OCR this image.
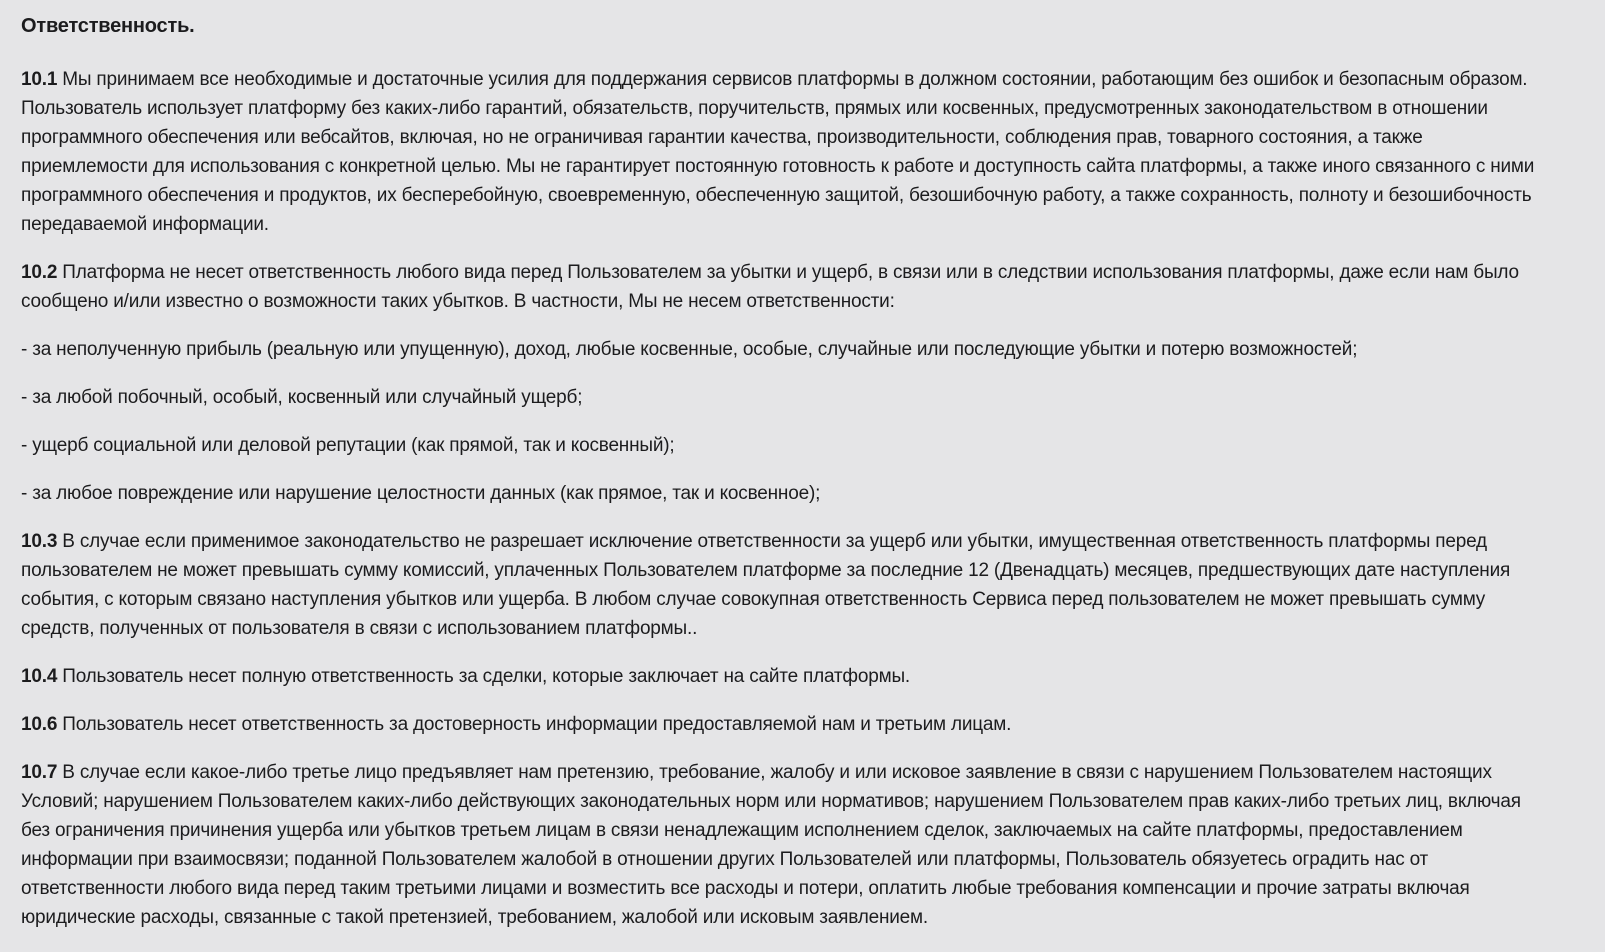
Ответственность.

10.1 Мы принимаем все необходимые и достаточные усилия для поддержания сервисов платформы в должном состоянии, работающим без ошибок и безопасным образом. Пользователь использует платформу без каких-либо гарантий, обязательств, поручительств, прямых или косвенных, предусмотренных законодательством в отношении программного обеспечения или вебсайтов, включая, но не ограничивая гарантии качества, производительности, соблюдения прав, товарного состояния, а также приемлемости для использования с конкретной целью. Мы не гарантирует постоянную готовность к работе и доступность сайта платформы, а также иного связанного с ними программного обеспечения и продуктов, их бесперебойную, своевременную, обеспеченную защитой, безошибочную работу, а также сохранность, полноту и безошибочность передаваемой информации.

10.2 Платформа не несет ответственность любого вида перед Пользователем за убытки и ущерб, в связи или в следствии использования платформы, даже если нам было сообщено и/или известно о возможности таких убытков. В частности, Мы не несем ответственности:

- за неполученную прибыль (реальную или упущенную), доход, любые косвенные, особые, случайные или последующие убытки и потерю возможностей;

- за любой побочный, особый, косвенный или случайный ущерб;

- ущерб социальной или деловой репутации (как прямой, так и косвенный);

- за любое повреждение или нарушение целостности данных (как прямое, так и косвенное);

10.3 В случае если применимое законодательство не разрешает исключение ответственности за ущерб или убытки, имущественная ответственность платформы перед пользователем не может превышать сумму комиссий, уплаченных Пользователем платформе за последние 12 (Двенадцать) месяцев, предшествующих дате наступления события, с которым связано наступления убытков или ущерба. В любом случае совокупная ответственность Сервиса перед пользователем не может превышать сумму средств, полученных от пользователя в связи с использованием платформы..

10.4 Пользователь несет полную ответственность за сделки, которые заключает на сайте платформы.

10.6 Пользователь несет ответственность за достоверность информации предоставляемой нам и третьим лицам.

10.7 В случае если какое-либо третье лицо предъявляет нам претензию, требование, жалобу и или исковое заявление в связи с нарушением Пользователем настоящих Условий; нарушением Пользователем каких-либо действующих законодательных норм или нормативов; нарушением Пользователем прав каких-либо третьих лиц, включая без ограничения причинения ущерба или убытков третьем лицам в связи ненадлежащим исполнением сделок, заключаемых на сайте платформы, предоставлением информации при взаимосвязи; поданной Пользователем жалобой в отношении других Пользователей или платформы, Пользователь обязуетесь оградить нас от ответственности любого вида перед таким третьими лицами и возместить все расходы и потери, оплатить любые требования компенсации и прочие затраты включая юридические расходы, связанные с такой претензией, требованием, жалобой или исковым заявлением.
